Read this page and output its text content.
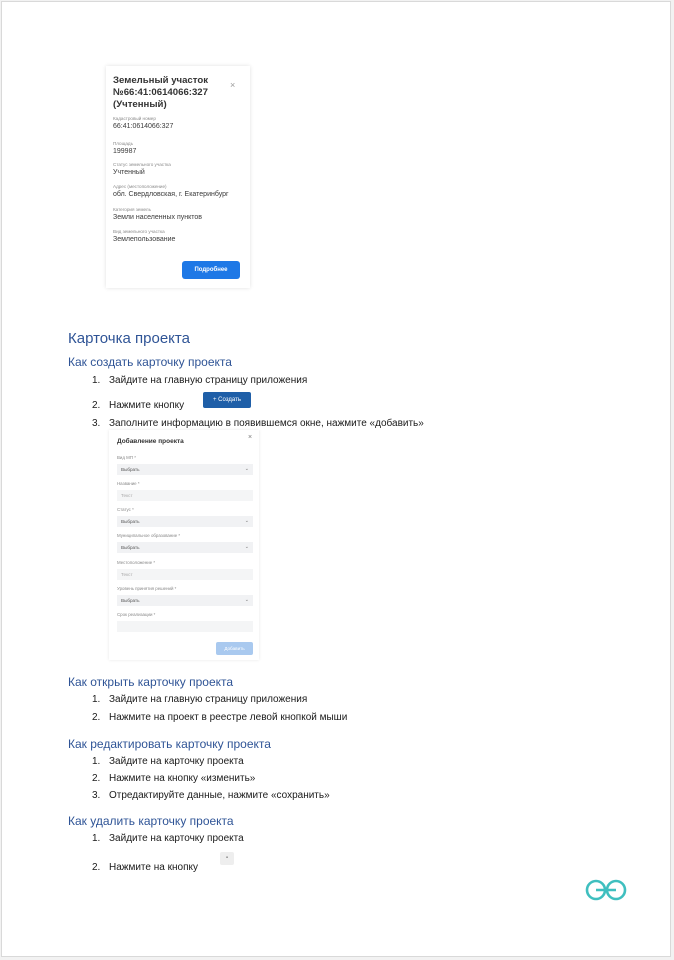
Земельный участок №66:41:0614066:327 (Учтенный)
×
Кадастровый номер
66:41:0614066:327
Площадь
199987
Статус земельного участка
Учтенный
Адрес (местоположение)
обл. Свердловская, г. Екатеринбург
Категория земель
Земли населенных пунктов
Вид земельного участка
Землепользование
Подробнее
Карточка проекта
Как создать карточку проекта
1. Зайдите на главную страницу приложения
2. Нажмите кнопку	+ Создать
3. Заполните информацию в появившемся окне, нажмите «добавить»
Добавление проекта
×
Вид МП *
Выбрать	⌄
Название *
Текст
Статус *
Выбрать	⌄
Муниципальное образование *
Выбрать	⌄
Местоположение *
Текст
Уровень принятия решений *
Выбрать	⌄
Срок реализации *
Добавить
Как открыть карточку проекта
1. Зайдите на главную страницу приложения
2. Нажмите на проект в реестре левой кнопкой мыши
Как редактировать карточку проекта
1. Зайдите на карточку проекта
2. Нажмите на кнопку «изменить»
3. Отредактируйте данные, нажмите «сохранить»
Как удалить карточку проекта
1. Зайдите на карточку проекта
2. Нажмите на кнопку
▪
